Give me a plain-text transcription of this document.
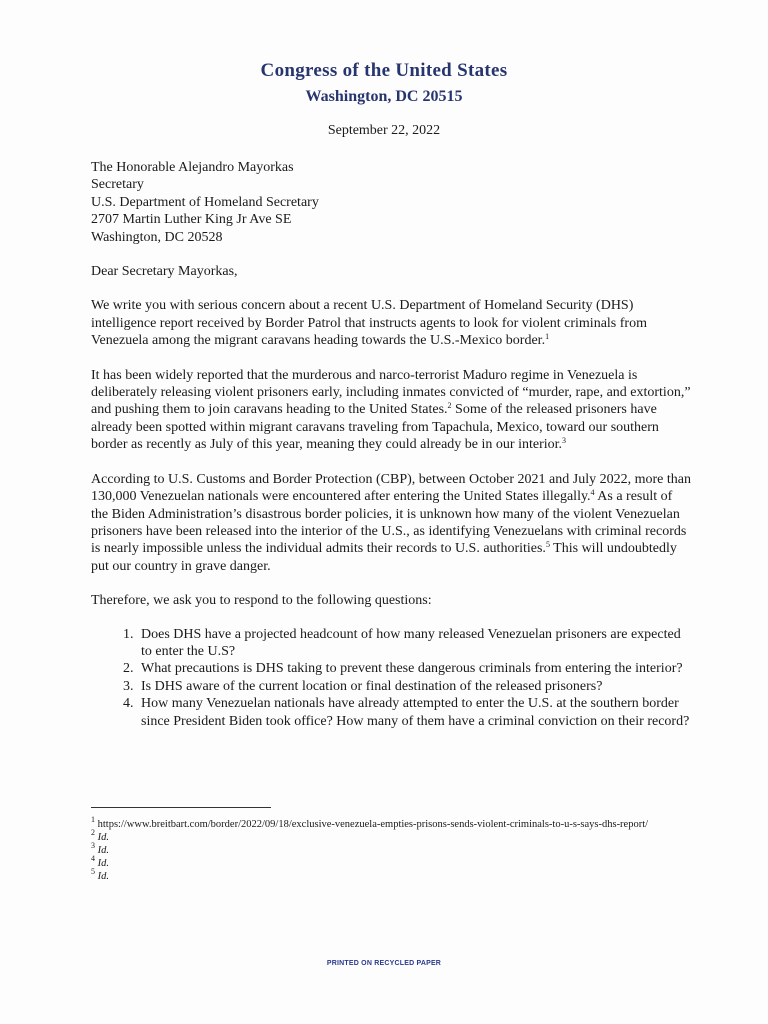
Congress of the United States
Washington, DC 20515
September 22, 2022
The Honorable Alejandro Mayorkas
Secretary
U.S. Department of Homeland Secretary
2707 Martin Luther King Jr Ave SE
Washington, DC 20528
Dear Secretary Mayorkas,

We write you with serious concern about a recent U.S. Department of Homeland Security (DHS) intelligence report received by Border Patrol that instructs agents to look for violent criminals from Venezuela among the migrant caravans heading towards the U.S.-Mexico border.$^1$

It has been widely reported that the murderous and narco-terrorist Maduro regime in Venezuela is deliberately releasing violent prisoners early, including inmates convicted of “murder, rape, and extortion,” and pushing them to join caravans heading to the United States.$^2$ Some of the released prisoners have already been spotted within migrant caravans traveling from Tapachula, Mexico, toward our southern border as recently as July of this year, meaning they could already be in our interior.$^3$

According to U.S. Customs and Border Protection (CBP), between October 2021 and July 2022, more than 130,000 Venezuelan nationals were encountered after entering the United States illegally.$^4$ As a result of the Biden Administration’s disastrous border policies, it is unknown how many of the violent Venezuelan prisoners have been released into the interior of the U.S., as identifying Venezuelans with criminal records is nearly impossible unless the individual admits their records to U.S. authorities.$^5$ This will undoubtedly put our country in grave danger.

Therefore, we ask you to respond to the following questions:

1. Does DHS have a projected headcount of how many released Venezuelan prisoners are expected to enter the U.S?
2. What precautions is DHS taking to prevent these dangerous criminals from entering the interior?
3. Is DHS aware of the current location or final destination of the released prisoners?
4. How many Venezuelan nationals have already attempted to enter the U.S. at the southern border since President Biden took office? How many of them have a criminal conviction on their record?
$^1$ https://www.breitbart.com/border/2022/09/18/exclusive-venezuela-empties-prisons-sends-violent-criminals-to-u-s-says-dhs-report/
$^2$ Id.
$^3$ Id.
$^4$ Id.
$^5$ Id.
PRINTED ON RECYCLED PAPER
